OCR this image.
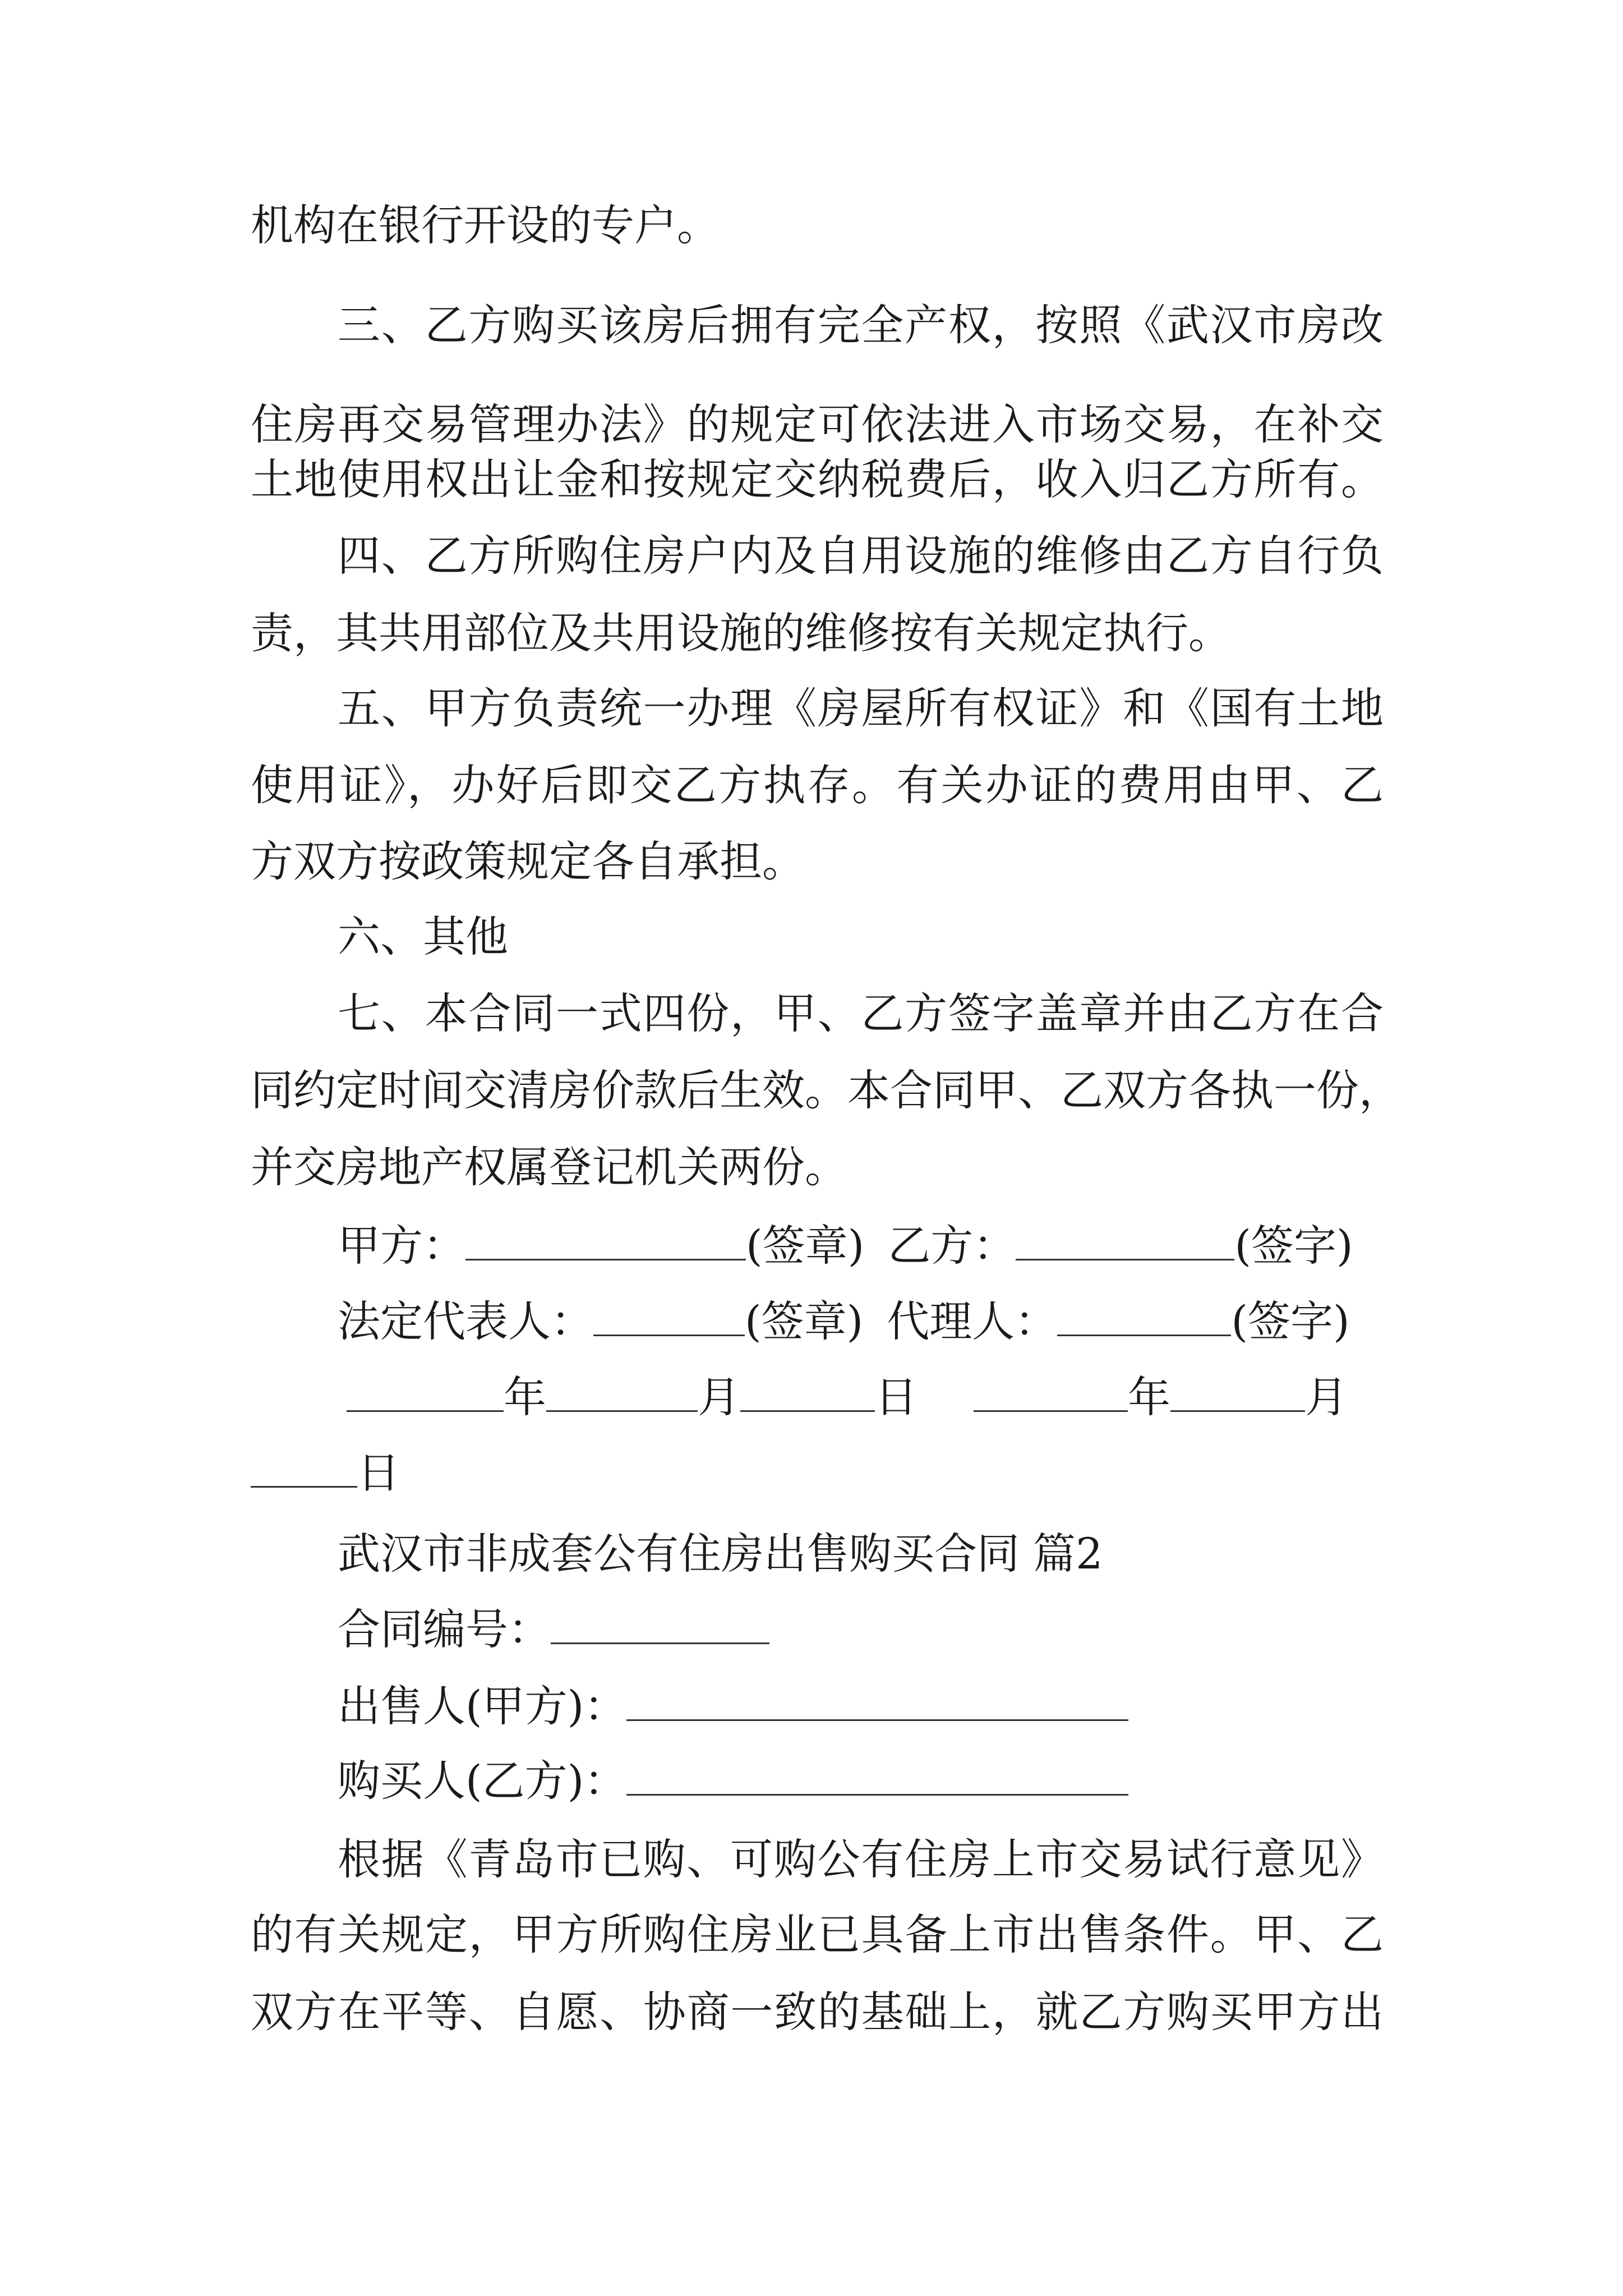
机构在银行开设的专户。

三、乙方购买该房后拥有完全产权，按照《武汉市房改

住房再交易管理办法》的规定可依法进入市场交易，在补交

土地使用权出让金和按规定交纳税费后，收入归乙方所有。

四、乙方所购住房户内及自用设施的维修由乙方自行负

责，其共用部位及共用设施的维修按有关规定执行。

五、甲方负责统一办理《房屋所有权证》和《国有土地

使用证》，办好后即交乙方执存。有关办证的费用由甲、乙

方双方按政策规定各自承担。

六、其他

七、本合同一式四份，甲、乙方签字盖章并由乙方在合

同约定时间交清房价款后生效。本合同甲、乙双方各执一份，

并交房地产权属登记机关两份。

甲方：	(签章) 乙方：	(签字)
法定代表人：	(签章) 代理人：	(签字)
年	月	日	年	月
日

武汉市非成套公有住房出售购买合同 篇2

合同编号：
出售人(甲方)：
购买人(乙方)：

根据《青岛市已购、可购公有住房上市交易试行意见》

的有关规定，甲方所购住房业已具备上市出售条件。甲、乙

双方在平等、自愿、协商一致的基础上，就乙方购买甲方出
